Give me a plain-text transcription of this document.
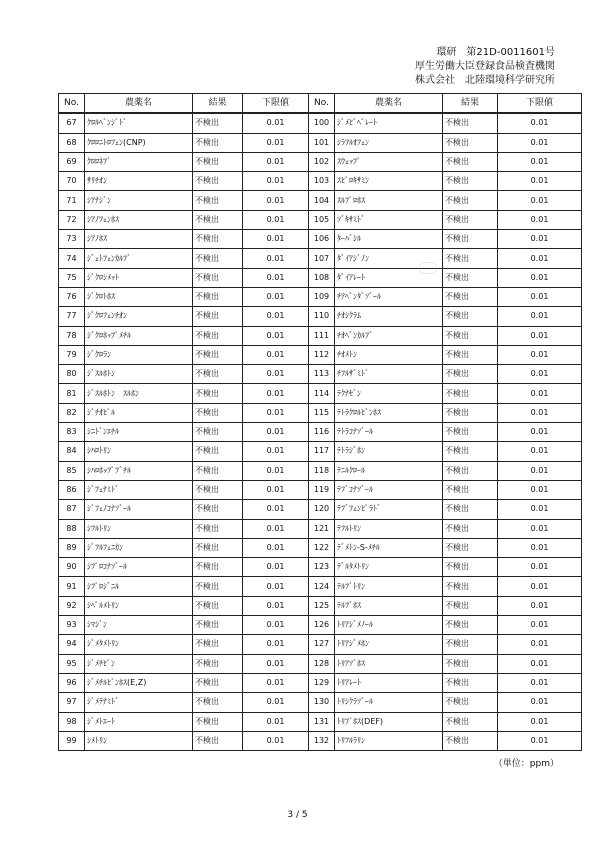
環研　第21D-0011601号
厚生労働大臣登録食品検査機関
株式会社　北陸環境科学研究所
No.	農薬名	結果	下限値	No.	農薬名	結果	下限値
67	ｸﾛﾙﾍﾞﾝｼﾞﾄﾞ	不検出	0.01	100	ｼﾞﾒﾋﾟﾍﾞﾚｰﾄ	不検出	0.01
68	ｸﾛﾛﾆﾄﾛﾌｪﾝ(CNP)	不検出	0.01	101	ｼﾗﾌﾙｵﾌｪﾝ	不検出	0.01
69	ｸﾛﾛﾈﾌﾞ	不検出	0.01	102	ｽｳｪｯﾌﾟ	不検出	0.01
70	ｻﾘﾁｵﾝ	不検出	0.01	103	ｽﾋﾟﾛｷｻﾐﾝ	不検出	0.01
71	ｼｱﾅｼﾞﾝ	不検出	0.01	104	ｽﾙﾌﾟﾛﾎｽ	不検出	0.01
72	ｼｱﾉﾌｪﾝﾎｽ	不検出	0.01	105	ｿﾞｷｻﾐﾄﾞ	不検出	0.01
73	ｼｱﾉﾎｽ	不検出	0.01	106	ﾀｰﾊﾞｼﾙ	不検出	0.01
74	ｼﾞｪﾄﾌｪﾝｶﾙﾌﾞ	不検出	0.01	107	ﾀﾞｲｱｼﾞﾉﾝ	不検出	0.01
75	ｼﾞｸﾛｼﾒｯﾄ	不検出	0.01	108	ﾀﾞｲｱﾚｰﾄ	不検出	0.01
76	ｼﾞｸﾛﾄﾎｽ	不検出	0.01	109	ﾁｱﾍﾞﾝﾀﾞｿﾞｰﾙ	不検出	0.01
77	ｼﾞｸﾛﾌｪﾝﾁｵﾝ	不検出	0.01	110	ﾁｵｼｸﾗﾑ	不検出	0.01
78	ｼﾞｸﾛﾎｯﾌﾟﾒﾁﾙ	不検出	0.01	111	ﾁｵﾍﾞﾝｶﾙﾌﾞ	不検出	0.01
79	ｼﾞｸﾛﾗﾝ	不検出	0.01	112	ﾁｵﾒﾄﾝ	不検出	0.01
80	ｼﾞｽﾙﾎﾄﾝ	不検出	0.01	113	ﾁﾌﾙｻﾞﾐﾄﾞ	不検出	0.01
81	ｼﾞｽﾙﾎﾄﾝ　ｽﾙﾎﾝ	不検出	0.01	114	ﾃｸﾅｾﾞﾝ	不検出	0.01
82	ｼﾞﾁｵﾋﾟﾙ	不検出	0.01	115	ﾃﾄﾗｸﾛﾙﾋﾞﾝﾎｽ	不検出	0.01
83	ｼﾆﾄﾞﾝｴﾁﾙ	不検出	0.01	116	ﾃﾄﾗｺﾅｿﾞｰﾙ	不検出	0.01
84	ｼﾊﾛﾄﾘﾝ	不検出	0.01	117	ﾃﾄﾗｼﾞﾎﾝ	不検出	0.01
85	ｼﾊﾛﾎｯﾌﾟﾌﾞﾁﾙ	不検出	0.01	118	ﾃﾆﾙｸﾛｰﾙ	不検出	0.01
86	ｼﾞﾌｪﾅﾐﾄﾞ	不検出	0.01	119	ﾃﾌﾞｺﾅｿﾞｰﾙ	不検出	0.01
87	ｼﾞﾌｪﾉｺﾅｿﾞｰﾙ	不検出	0.01	120	ﾃﾌﾞﾌｪﾝﾋﾟﾗﾄﾞ	不検出	0.01
88	ｼﾌﾙﾄﾘﾝ	不検出	0.01	121	ﾃﾌﾙﾄﾘﾝ	不検出	0.01
89	ｼﾞﾌﾙﾌｪﾆｶﾝ	不検出	0.01	122	ﾃﾞﾒﾄﾝ-S-ﾒﾁﾙ	不検出	0.01
90	ｼﾌﾟﾛｺﾅｿﾞｰﾙ	不検出	0.01	123	ﾃﾞﾙﾀﾒﾄﾘﾝ	不検出	0.01
91	ｼﾌﾟﾛｼﾞﾆﾙ	不検出	0.01	124	ﾃﾙﾌﾞﾄﾘﾝ	不検出	0.01
92	ｼﾍﾟﾙﾒﾄﾘﾝ	不検出	0.01	125	ﾃﾙﾌﾞﾎｽ	不検出	0.01
93	ｼﾏｼﾞﾝ	不検出	0.01	126	ﾄﾘｱｼﾞﾒﾉｰﾙ	不検出	0.01
94	ｼﾞﾒﾀﾒﾄﾘﾝ	不検出	0.01	127	ﾄﾘｱｼﾞﾒﾎﾝ	不検出	0.01
95	ｼﾞﾒﾁﾋﾟﾝ	不検出	0.01	128	ﾄﾘｱｿﾞﾎｽ	不検出	0.01
96	ｼﾞﾒﾁﾙﾋﾞﾝﾎｽ(E,Z)	不検出	0.01	129	ﾄﾘｱﾚｰﾄ	不検出	0.01
97	ｼﾞﾒﾃﾅﾐﾄﾞ	不検出	0.01	130	ﾄﾘｼｸﾗｿﾞｰﾙ	不検出	0.01
98	ｼﾞﾒﾄｴｰﾄ	不検出	0.01	131	ﾄﾘﾌﾞﾎｽ(DEF)	不検出	0.01
99	ｼﾒﾄﾘﾝ	不検出	0.01	132	ﾄﾘﾌﾙﾗﾘﾝ	不検出	0.01
（単位：ppm）
3 / 5
